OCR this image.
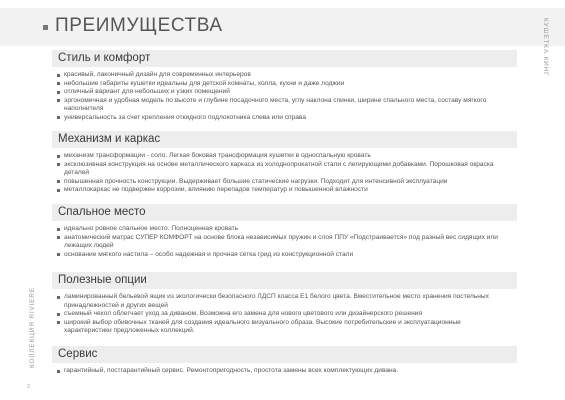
ПРЕИМУЩЕСТВА	КУШЕТКА КИНГ
КОЛЛЕКЦИЯ RIVIERE
2
Стиль и комфорт
красивый, лаконичный дизайн для современных интерьеров
небольшие габариты кушетки идеальны для детской комнаты, холла, кухни и даже лоджии
отличный вариант для небольших и узких помещений
эргономичная и удобная модель по высоте и глубине посадочного места, углу наклона спинки, ширине спального места, составу мягкого наполнителя
универсальность за счет крепления откидного подлокотника слева или справа
Механизм и каркас
механизм трансформации - соло. Легкая боковая трансформация кушетки в односпальную кровать
эксклюзивная конструкция на основе металлического каркаса из холоднопрокатной стали с легирующими добавками. Порошковая окраска деталей
повышенная прочность конструкции. Выдерживает большие статические нагрузки. Подходит для интенсивной эксплуатации
металлокаркас не подвержен коррозии, влиянию перепадов температур и повышенной влажности
Спальное место
идеально ровное спальное место. Полноценная кровать
анатомический матрас СУПЕР КОМФОРТ на основе блока независимых пружин и слоя ППУ «Подстраивается» под разный вес сидящих или лежащих людей
основание мягкого настила – особо надежная и прочная сетка грид из конструкционной стали
Полезные опции
ламинированный бельевой ящик из экологически безопасного ЛДСП класса Е1 белого цвета. Вместительное место хранения постельных принадлежностей и других вещей
съемный чехол облегчает уход за диваном. Возможна его замена для нового цветового или дизайнерского решения
широкий выбор обивочных тканей для создания идеального визуального образа. Высокие потребительские и эксплуатационные характеристики предложенных коллекций.
Сервис
гарантийный, постгарантийный сервис. Ремонтопригодность, простота замены всех комплектующих дивана.
